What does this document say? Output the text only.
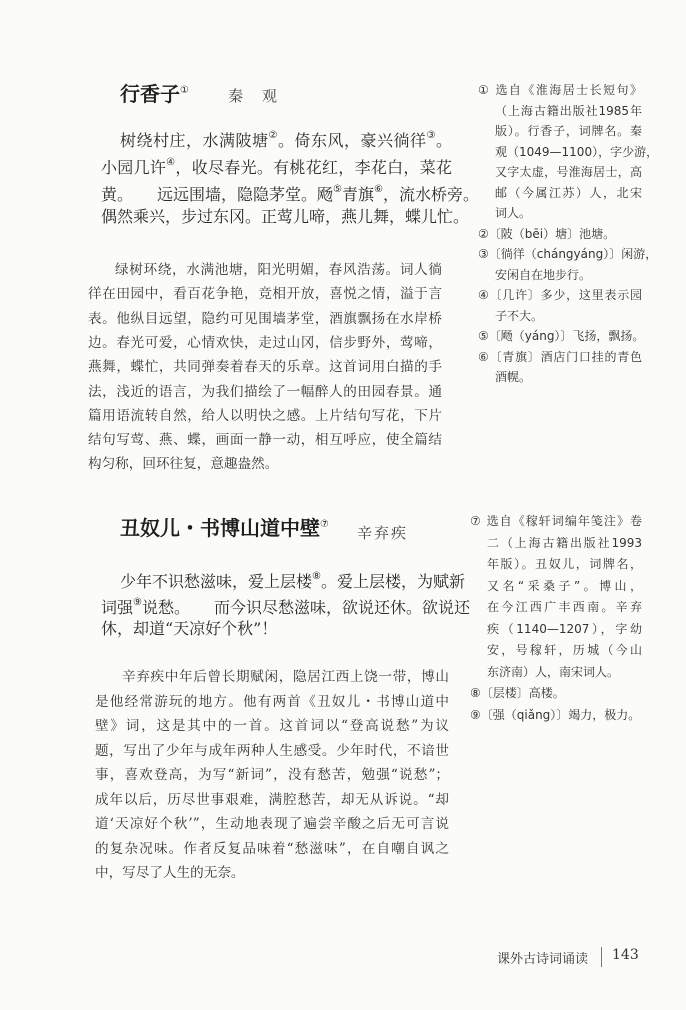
行香子①	秦　观
树绕村庄，水满陂塘②。倚东风，豪兴徜徉③。
小园几许④，收尽春光。有桃花红，李花白，菜花
黄。　　远远围墙，隐隐茅堂。飏⑤青旗⑥，流水桥旁。
偶然乘兴，步过东冈。正莺儿啼，燕儿舞，蝶儿忙。
绿树环绕，水满池塘，阳光明媚，春风浩荡。词人徜
徉在田园中，看百花争艳，竞相开放，喜悦之情，溢于言
表。他纵目远望，隐约可见围墙茅堂，酒旗飘扬在水岸桥
边。春光可爱，心情欢快，走过山冈，信步野外，莺啼，
燕舞，蝶忙，共同弹奏着春天的乐章。这首词用白描的手
法，浅近的语言，为我们描绘了一幅醉人的田园春景。通
篇用语流转自然，给人以明快之感。上片结句写花，下片
结句写莺、燕、蝶，画面一静一动，相互呼应，使全篇结
构匀称，回环往复，意趣盎然。
① 选自《淮海居士长短句》
（上海古籍出版社1985年
版）。行香子，词牌名。秦
观（1049—1100），字少游，
又字太虚，号淮海居士，高
邮（今属江苏）人，北宋
词人。
②〔陂（bēi）塘〕池塘。
③〔徜徉（chángyáng）〕闲游，
安闲自在地步行。
④〔几许〕多少，这里表示园
子不大。
⑤〔飏（yáng）〕飞扬，飘扬。
⑥〔青旗〕酒店门口挂的青色
酒幌。
丑奴儿・书博山道中壁⑦ 辛弃疾
少年不识愁滋味，爱上层楼⑧。爱上层楼，为赋新
词强⑨说愁。　　而今识尽愁滋味，欲说还休。欲说还
休，却道“天凉好个秋”！
辛弃疾中年后曾长期赋闲，隐居江西上饶一带，博山
是他经常游玩的地方。他有两首《丑奴儿・书博山道中
壁》词，这是其中的一首。这首词以“登高说愁”为议
题，写出了少年与成年两种人生感受。少年时代，不谙世
事，喜欢登高，为写“新词”，没有愁苦，勉强“说愁”；
成年以后，历尽世事艰难，满腔愁苦，却无从诉说。“却
道‘天凉好个秋’”，生动地表现了遍尝辛酸之后无可言说
的复杂况味。作者反复品味着“愁滋味”，在自嘲自讽之
中，写尽了人生的无奈。
⑦ 选自《稼轩词编年笺注》卷
二（上海古籍出版社1993
年版）。丑奴儿，词牌名，
又名“采桑子”。博山，
在今江西广丰西南。辛弃
疾（1140—1207），字幼
安，号稼轩，历城（今山
东济南）人，南宋词人。
⑧〔层楼〕高楼。
⑨〔强（qiǎng）〕竭力，极力。
课外古诗词诵读 143
